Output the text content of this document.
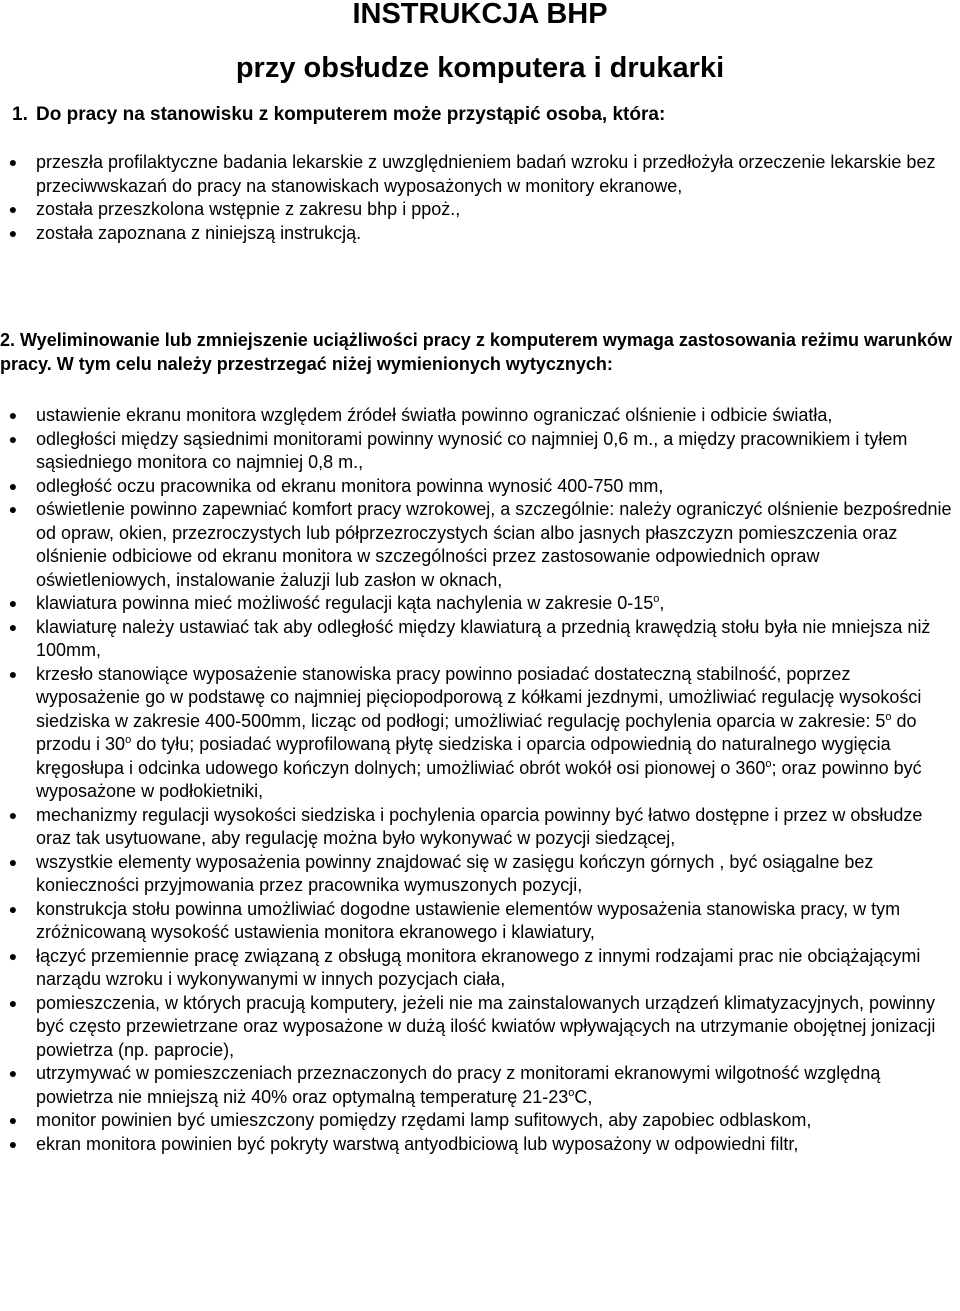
INSTRUKCJA BHP
przy obsłudze komputera i drukarki
1. Do pracy na stanowisku z komputerem może przystąpić osoba, która:
● przeszła profilaktyczne badania lekarskie z uwzględnieniem badań wzroku i przedłożyła orzeczenie lekarskie bez przeciwwskazań do pracy na stanowiskach wyposażonych w monitory ekranowe,
● została przeszkolona wstępnie z zakresu bhp i ppoż.,
● została zapoznana z niniejszą instrukcją.
2. Wyeliminowanie lub zmniejszenie uciążliwości pracy z komputerem wymaga zastosowania reżimu warunków pracy. W tym celu należy przestrzegać niżej wymienionych wytycznych:
● ustawienie ekranu monitora względem źródeł światła powinno ograniczać olśnienie i odbicie światła,
● odległości między sąsiednimi monitorami powinny wynosić co najmniej 0,6 m., a między pracownikiem i tyłem sąsiedniego monitora co najmniej 0,8 m.,
● odległość oczu pracownika od ekranu monitora powinna wynosić 400-750 mm,
● oświetlenie powinno zapewniać komfort pracy wzrokowej, a szczególnie: należy ograniczyć olśnienie bezpośrednie od opraw, okien, przezroczystych lub półprzezroczystych ścian albo jasnych płaszczyzn pomieszczenia oraz olśnienie odbiciowe od ekranu monitora w szczególności przez zastosowanie odpowiednich opraw oświetleniowych, instalowanie żaluzji lub zasłon w oknach,
● klawiatura powinna mieć możliwość regulacji kąta nachylenia w zakresie 0-15$^o$,
● klawiaturę należy ustawiać tak aby odległość między klawiaturą a przednią krawędzią stołu była nie mniejsza niż 100mm,
● krzesło stanowiące wyposażenie stanowiska pracy powinno posiadać dostateczną stabilność, poprzez wyposażenie go w podstawę co najmniej pięciopodporową z kółkami jezdnymi, umożliwiać regulację wysokości siedziska w zakresie 400-500mm, licząc od podłogi; umożliwiać regulację pochylenia oparcia w zakresie: 5$^o$ do przodu i 30$^o$ do tyłu; posiadać wyprofilowaną płytę siedziska i oparcia odpowiednią do naturalnego wygięcia kręgosłupa i odcinka udowego kończyn dolnych; umożliwiać obrót wokół osi pionowej o 360$^o$; oraz powinno być wyposażone w podłokietniki,
● mechanizmy regulacji wysokości siedziska i pochylenia oparcia powinny być łatwo dostępne i przez w obsłudze oraz tak usytuowane, aby regulację można było wykonywać w pozycji siedzącej,
● wszystkie elementy wyposażenia powinny znajdować się w zasięgu kończyn górnych , być osiągalne bez konieczności przyjmowania przez pracownika wymuszonych pozycji,
● konstrukcja stołu powinna umożliwiać dogodne ustawienie elementów wyposażenia stanowiska pracy, w tym zróżnicowaną wysokość ustawienia monitora ekranowego i klawiatury,
● łączyć przemiennie pracę związaną z obsługą monitora ekranowego z innymi rodzajami prac nie obciążającymi narządu wzroku i wykonywanymi w innych pozycjach ciała,
● pomieszczenia, w których pracują komputery, jeżeli nie ma zainstalowanych urządzeń klimatyzacyjnych, powinny być często przewietrzane oraz wyposażone w dużą ilość kwiatów wpływających na utrzymanie obojętnej jonizacji powietrza (np. paprocie),
● utrzymywać w pomieszczeniach przeznaczonych do pracy z monitorami ekranowymi wilgotność względną powietrza nie mniejszą niż 40% oraz optymalną temperaturę 21-23$^o$C,
● monitor powinien być umieszczony pomiędzy rzędami lamp sufitowych, aby zapobiec odblaskom,
● ekran monitora powinien być pokryty warstwą antyodbiciową lub wyposażony w odpowiedni filtr,
